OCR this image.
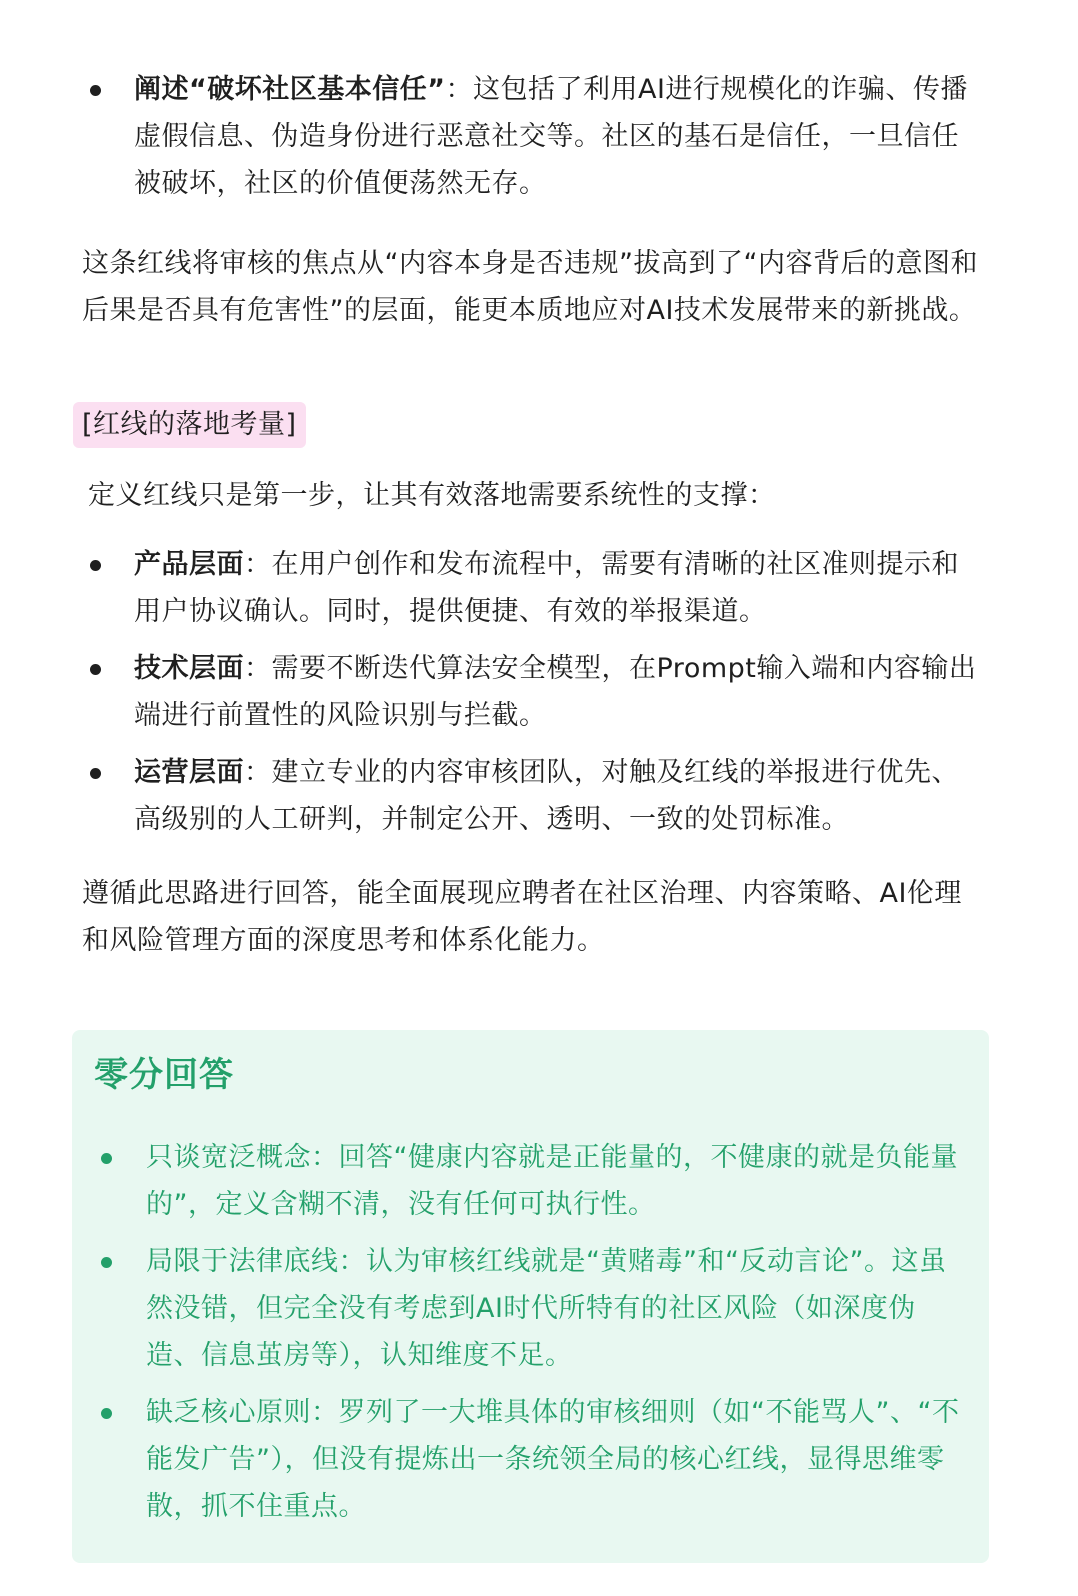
阐述“破坏社区基本信任”：这包括了利用AI进行规模化的诈骗、传播虚假信息、伪造身份进行恶意社交等。社区的基石是信任，一旦信任被破坏，社区的价值便荡然无存。

这条红线将审核的焦点从“内容本身是否违规”拔高到了“内容背后的意图和后果是否具有危害性”的层面，能更本质地应对AI技术发展带来的新挑战。

[红线的落地考量]

定义红线只是第一步，让其有效落地需要系统性的支撑：

产品层面：在用户创作和发布流程中，需要有清晰的社区准则提示和用户协议确认。同时，提供便捷、有效的举报渠道。
技术层面：需要不断迭代算法安全模型，在Prompt输入端和内容输出端进行前置性的风险识别与拦截。
运营层面：建立专业的内容审核团队，对触及红线的举报进行优先、高级别的人工研判，并制定公开、透明、一致的处罚标准。

遵循此思路进行回答，能全面展现应聘者在社区治理、内容策略、AI伦理和风险管理方面的深度思考和体系化能力。

零分回答
只谈宽泛概念：回答“健康内容就是正能量的，不健康的就是负能量的”，定义含糊不清，没有任何可执行性。
局限于法律底线：认为审核红线就是“黄赌毒”和“反动言论”。这虽然没错，但完全没有考虑到AI时代所特有的社区风险（如深度伪造、信息茧房等），认知维度不足。
缺乏核心原则：罗列了一大堆具体的审核细则（如“不能骂人”、“不能发广告”），但没有提炼出一条统领全局的核心红线，显得思维零散，抓不住重点。
